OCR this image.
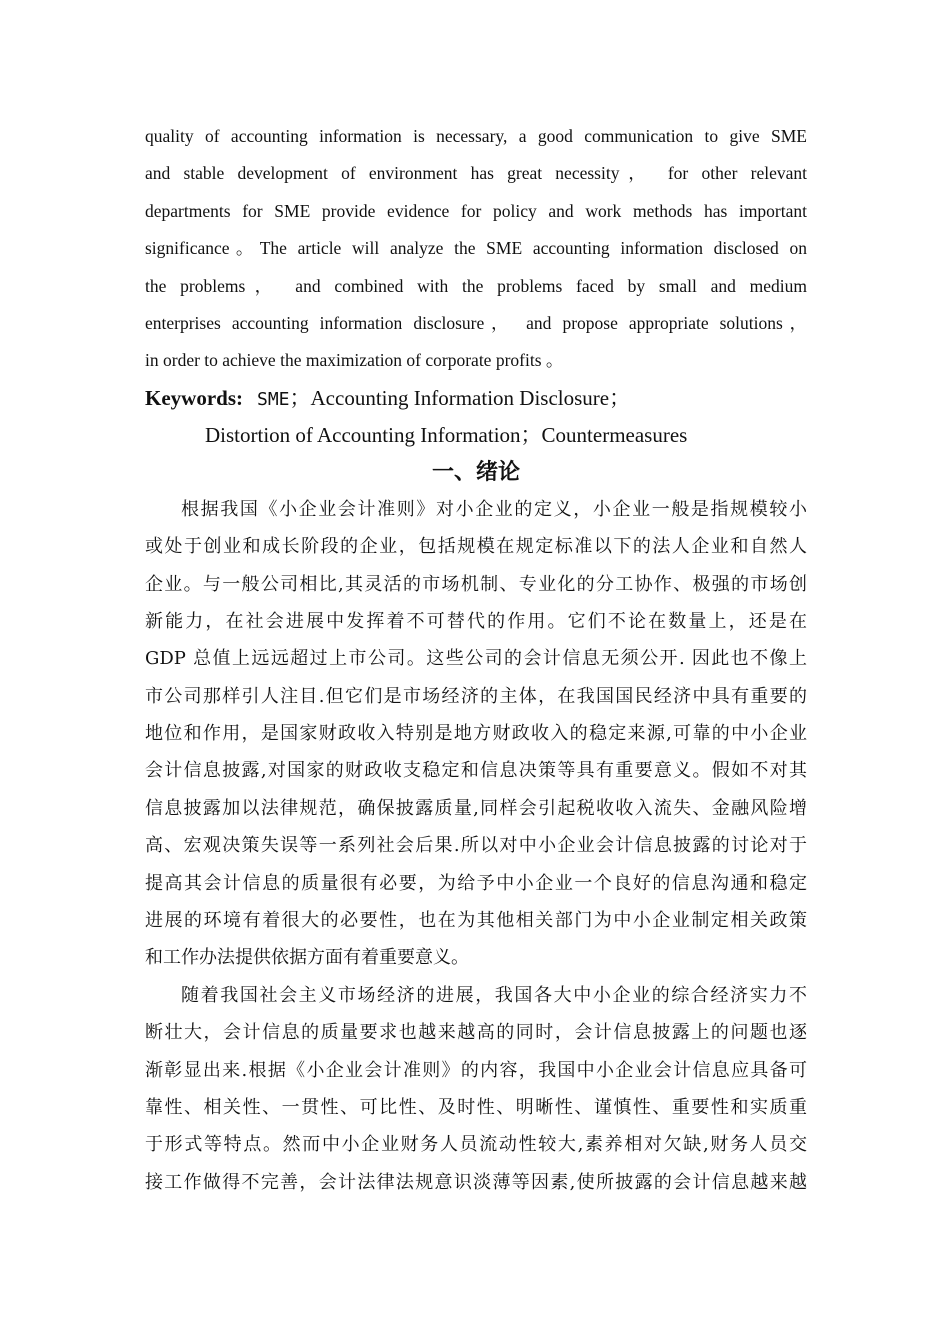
quality of accounting information is necessary, a good communication to give SME
and stable development of environment has great necessity， for other relevant
departments for SME provide evidence for policy and work methods has important
significance。The article will analyze the SME accounting information disclosed on
the problems， and combined with the problems faced by small and medium
enterprises accounting information disclosure， and propose appropriate solutions，
in order to achieve the maximization of corporate profits 。
Keywords: SME；Accounting Information Disclosure；
Distortion of Accounting Information；Countermeasures
一、绪论
根据我国《小企业会计准则》对小企业的定义，小企业一般是指规模较小
或处于创业和成长阶段的企业，包括规模在规定标准以下的法人企业和自然人
企业。与一般公司相比,其灵活的市场机制、专业化的分工协作、极强的市场创
新能力，在社会进展中发挥着不可替代的作用。它们不论在数量上，还是在
GDP 总值上远远超过上市公司。这些公司的会计信息无须公开. 因此也不像上
市公司那样引人注目.但它们是市场经济的主体，在我国国民经济中具有重要的
地位和作用，是国家财政收入特别是地方财政收入的稳定来源,可靠的中小企业
会计信息披露,对国家的财政收支稳定和信息决策等具有重要意义。假如不对其
信息披露加以法律规范，确保披露质量,同样会引起税收收入流失、金融风险增
高、宏观决策失误等一系列社会后果.所以对中小企业会计信息披露的讨论对于
提高其会计信息的质量很有必要，为给予中小企业一个良好的信息沟通和稳定
进展的环境有着很大的必要性，也在为其他相关部门为中小企业制定相关政策
和工作办法提供依据方面有着重要意义。
随着我国社会主义市场经济的进展，我国各大中小企业的综合经济实力不
断壮大，会计信息的质量要求也越来越高的同时，会计信息披露上的问题也逐
渐彰显出来.根据《小企业会计准则》的内容，我国中小企业会计信息应具备可
靠性、相关性、一贯性、可比性、及时性、明晰性、谨慎性、重要性和实质重
于形式等特点。然而中小企业财务人员流动性较大,素养相对欠缺,财务人员交
接工作做得不完善，会计法律法规意识淡薄等因素,使所披露的会计信息越来越
